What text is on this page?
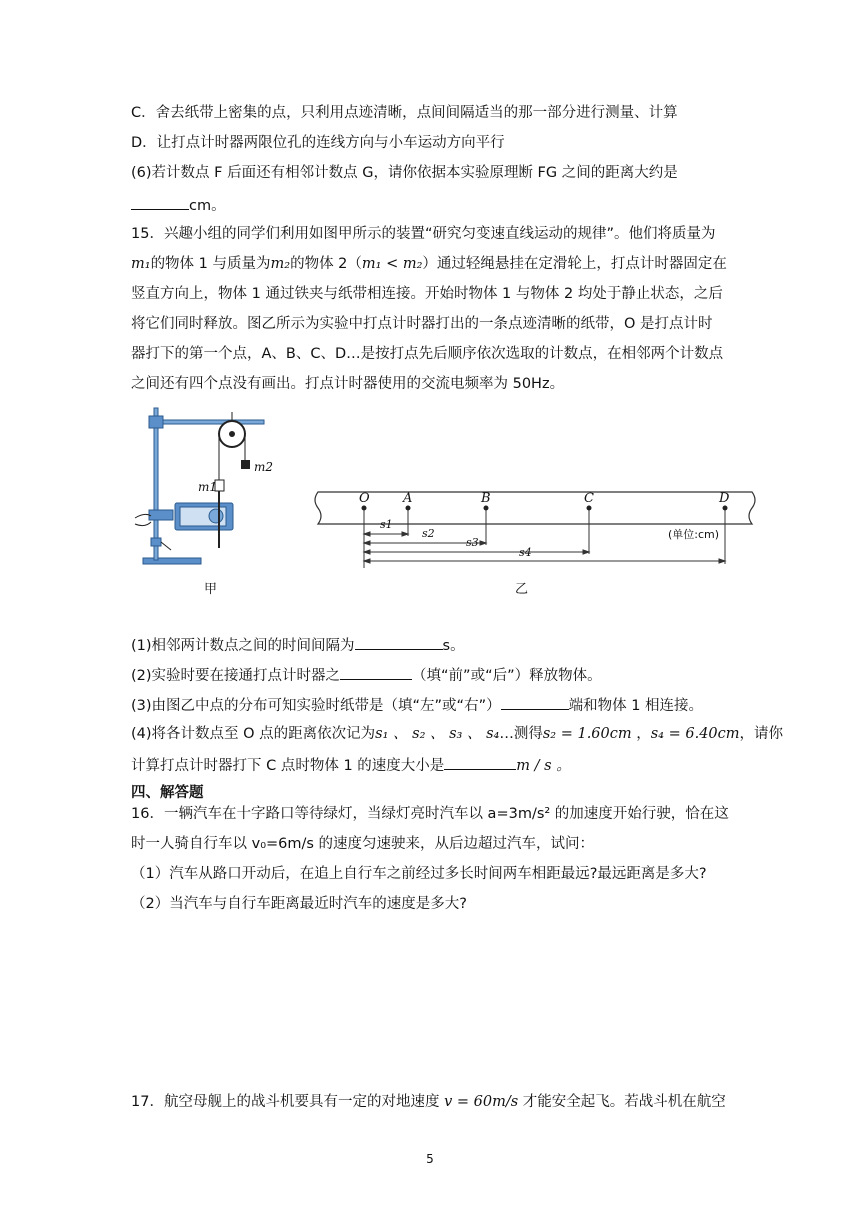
C．舍去纸带上密集的点，只利用点迹清晰，点间间隔适当的那一部分进行测量、计算
D．让打点计时器两限位孔的连线方向与小车运动方向平行
(6)若计数点 F 后面还有相邻计数点 G，请你依据本实验原理断 FG 之间的距离大约是
cm。
15．兴趣小组的同学们利用如图甲所示的装置“研究匀变速直线运动的规律”。他们将质量为
m₁的物体 1 与质量为m₂的物体 2（m₁ < m₂）通过轻绳悬挂在定滑轮上，打点计时器固定在
竖直方向上，物体 1 通过铁夹与纸带相连接。开始时物体 1 与物体 2 均处于静止状态，之后
将它们同时释放。图乙所示为实验中打点计时器打出的一条点迹清晰的纸带，O 是打点计时
器打下的第一个点，A、B、C、D…是按打点先后顺序依次选取的计数点，在相邻两个计数点
之间还有四个点没有画出。打点计时器使用的交流电频率为 50Hz。
m1
m2
甲
O	A	B	C	D
s1
s2
s3
s4
(单位:cm)
乙
(1)相邻两计数点之间的时间间隔为	s。
(2)实验时要在接通打点计时器之	（填“前”或“后”）释放物体。
(3)由图乙中点的分布可知实验时纸带是（填“左”或“右”）	端和物体 1 相连接。
(4)将各计数点至 O 点的距离依次记为s₁ 、 s₂ 、 s₃ 、 s₄…测得s₂ = 1.60cm ，s₄ = 6.40cm，请你
计算打点计时器打下 C 点时物体 1 的速度大小是	m / s 。
四、解答题
16．一辆汽车在十字路口等待绿灯，当绿灯亮时汽车以 a=3m/s² 的加速度开始行驶，恰在这
时一人骑自行车以 v₀=6m/s 的速度匀速驶来，从后边超过汽车，试问：
（1）汽车从路口开动后，在追上自行车之前经过多长时间两车相距最远?最远距离是多大?
（2）当汽车与自行车距离最近时汽车的速度是多大?
17．航空母舰上的战斗机要具有一定的对地速度 v = 60m/s 才能安全起飞。若战斗机在航空
5
